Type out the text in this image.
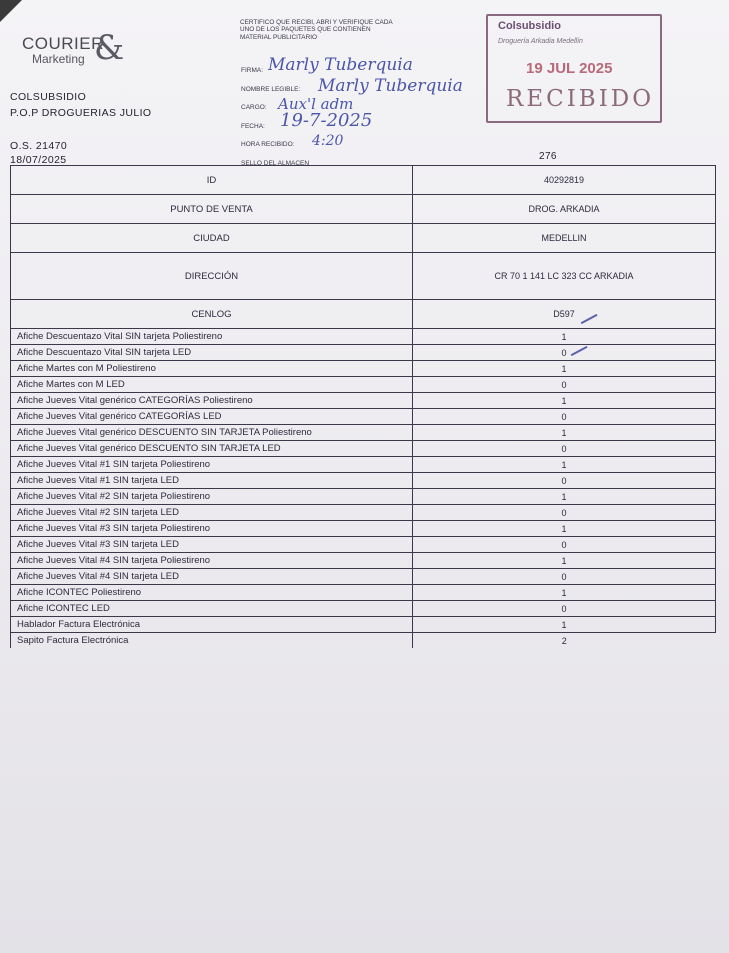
COURIER
Marketing &
COLSUBSIDIO
P.O.P DROGUERIAS JULIO
O.S. 21470
18/07/2025
CERTIFICO QUE RECIBI, ABRI Y VERIFIQUE CADA UNO DE LOS PAQUETES QUE CONTIENEN MATERIAL PUBLICITARIO
FIRMA: Marly Tuberquia
NOMBRE LEGIBLE: Marly Tuberquia
CARGO: Aux'l adm
FECHA: 19-7-2025
HORA RECIBIDO: 4:20
SELLO DEL ALMACEN
Colsubsidio
Droguería Arkadia Medellín
19 JUL 2025
RECIBIDO
276
ID	40292819
PUNTO DE VENTA	DROG. ARKADIA
CIUDAD	MEDELLIN
DIRECCIÓN	CR 70 1 141 LC 323 CC ARKADIA
CENLOG	D597
Afiche Descuentazo Vital SIN tarjeta Poliestireno	1
Afiche Descuentazo Vital SIN tarjeta LED	0
Afiche Martes con M Poliestireno	1
Afiche Martes con M LED	0
Afiche Jueves Vital genérico CATEGORÍAS Poliestireno	1
Afiche Jueves Vital genérico CATEGORÍAS LED	0
Afiche Jueves Vital genérico DESCUENTO SIN TARJETA Poliestireno	1
Afiche Jueves Vital genérico DESCUENTO SIN TARJETA LED	0
Afiche Jueves Vital #1 SIN tarjeta Poliestireno	1
Afiche Jueves Vital #1 SIN tarjeta LED	0
Afiche Jueves Vital #2 SIN tarjeta Poliestireno	1
Afiche Jueves Vital #2 SIN tarjeta LED	0
Afiche Jueves Vital #3 SIN tarjeta Poliestireno	1
Afiche Jueves Vital #3 SIN tarjeta LED	0
Afiche Jueves Vital #4 SIN tarjeta Poliestireno	1
Afiche Jueves Vital #4 SIN tarjeta LED	0
Afiche ICONTEC Poliestireno	1
Afiche ICONTEC LED	0
Hablador Factura Electrónica	1
Sapito Factura Electrónica	2
